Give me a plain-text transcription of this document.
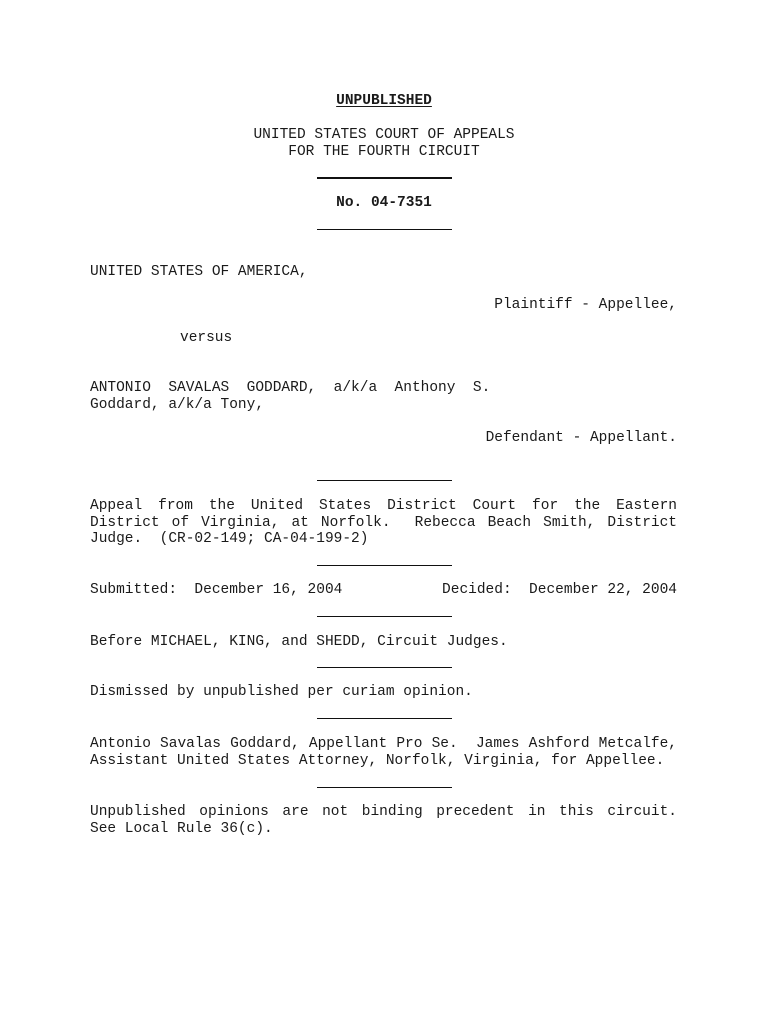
UNPUBLISHED
UNITED STATES COURT OF APPEALS
FOR THE FOURTH CIRCUIT
No. 04-7351
UNITED STATES OF AMERICA,
Plaintiff - Appellee,
versus
ANTONIO  SAVALAS  GODDARD,  a/k/a  Anthony  S.
Goddard, a/k/a Tony,
Defendant - Appellant.
Appeal from the United States District Court for the Eastern
District of Virginia, at Norfolk.  Rebecca Beach Smith, District
Judge.  (CR-02-149; CA-04-199-2)
Submitted:  December 16, 2004	Decided:  December 22, 2004
Before MICHAEL, KING, and SHEDD, Circuit Judges.
Dismissed by unpublished per curiam opinion.
Antonio Savalas Goddard, Appellant Pro Se.  James Ashford Metcalfe,
Assistant United States Attorney, Norfolk, Virginia, for Appellee.
Unpublished opinions are not binding precedent in this circuit.
See Local Rule 36(c).
